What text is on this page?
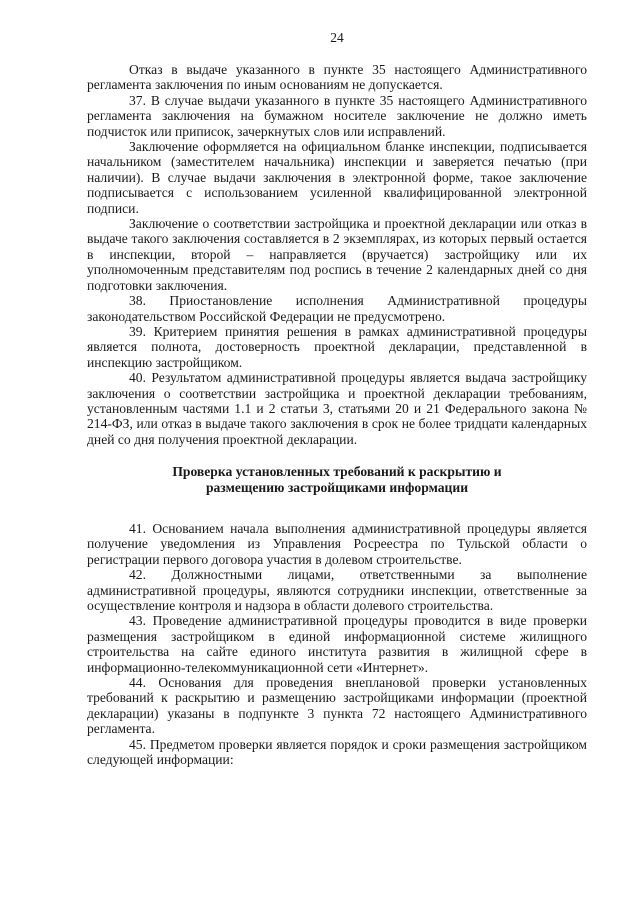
24

Отказ в выдаче указанного в пункте 35 настоящего Административного регламента заключения по иным основаниям не допускается.

37. В случае выдачи указанного в пункте 35 настоящего Административного регламента заключения на бумажном носителе заключение не должно иметь подчисток или приписок, зачеркнутых слов или исправлений.

Заключение оформляется на официальном бланке инспекции, подписывается начальником (заместителем начальника) инспекции и заверяется печатью (при наличии). В случае выдачи заключения в электронной форме, такое заключение подписывается с использованием усиленной квалифицированной электронной подписи.

Заключение о соответствии застройщика и проектной декларации или отказ в выдаче такого заключения составляется в 2 экземплярах, из которых первый остается в инспекции, второй – направляется (вручается) застройщику или их уполномоченным представителям под роспись в течение 2 календарных дней со дня подготовки заключения.

38. Приостановление исполнения Административной процедуры законодательством Российской Федерации не предусмотрено.

39. Критерием принятия решения в рамках административной процедуры является полнота, достоверность проектной декларации, представленной в инспекцию застройщиком.

40. Результатом административной процедуры является выдача застройщику заключения о соответствии застройщика и проектной декларации требованиям, установленным частями 1.1 и 2 статьи 3, статьями 20 и 21 Федерального закона № 214-ФЗ, или отказ в выдаче такого заключения в срок не более тридцати календарных дней со дня получения проектной декларации.

Проверка установленных требований к раскрытию и
размещению застройщиками информации

41. Основанием начала выполнения административной процедуры является получение уведомления из Управления Росреестра по Тульской области о регистрации первого договора участия в долевом строительстве.

42. Должностными лицами, ответственными за выполнение административной процедуры, являются сотрудники инспекции, ответственные за осуществление контроля и надзора в области долевого строительства.

43. Проведение административной процедуры проводится в виде проверки размещения застройщиком в единой информационной системе жилищного строительства на сайте единого института развития в жилищной сфере в информационно-телекоммуникационной сети «Интернет».

44. Основания для проведения внеплановой проверки установленных требований к раскрытию и размещению застройщиками информации (проектной декларации) указаны в подпункте 3 пункта 72 настоящего Административного регламента.

45. Предметом проверки является порядок и сроки размещения застройщиком следующей информации:
